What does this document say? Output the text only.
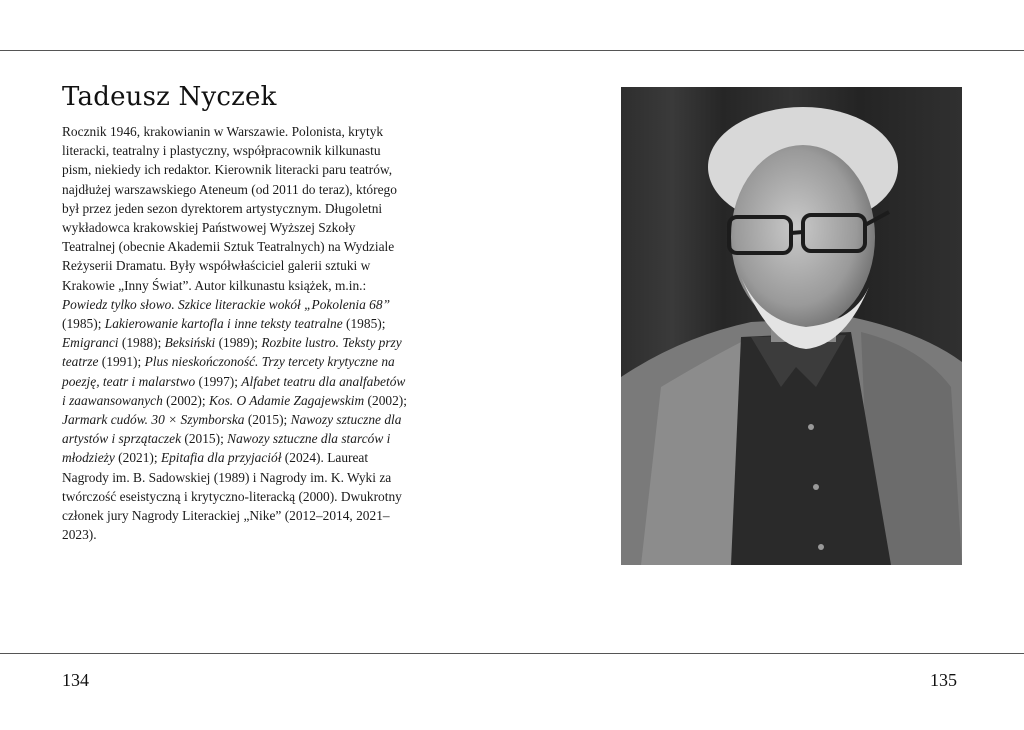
Tadeusz Nyczek

Rocznik 1946, krakowianin w Warszawie. Polonista, krytyk literacki, teatralny i plastyczny, współpracownik kilkunastu pism, niekiedy ich redaktor. Kierownik literacki paru teatrów, najdłużej warszawskiego Ateneum (od 2011 do teraz), którego był przez jeden sezon dyrektorem artystycznym. Długoletni wykładowca krakowskiej Państwowej Wyższej Szkoły Teatralnej (obecnie Akademii Sztuk Teatralnych) na Wydziale Reżyserii Dramatu. Były współwłaściciel galerii sztuki w Krakowie „Inny Świat”. Autor kilkunastu książek, m.in.: Powiedz tylko słowo. Szkice literackie wokół „Pokolenia 68” (1985); Lakierowanie kartofla i inne teksty teatralne (1985); Emigranci (1988); Beksiński (1989); Rozbite lustro. Teksty przy teatrze (1991); Plus nieskończoność. Trzy tercety krytyczne na poezję, teatr i malarstwo (1997); Alfabet teatru dla analfabetów i zaawansowanych (2002); Kos. O Adamie Zagajewskim (2002); Jarmark cudów. 30 × Szymborska (2015); Nawozy sztuczne dla artystów i sprzątaczek (2015); Nawozy sztuczne dla starców i młodzieży (2021); Epitafia dla przyjaciół (2024). Laureat Nagrody im. B. Sadowskiej (1989) i Nagrody im. K. Wyki za twórczość eseistyczną i krytyczno-literacką (2000). Dwukrotny członek jury Nagrody Literackiej „Nike” (2012–2014, 2021–2023).

134	135
